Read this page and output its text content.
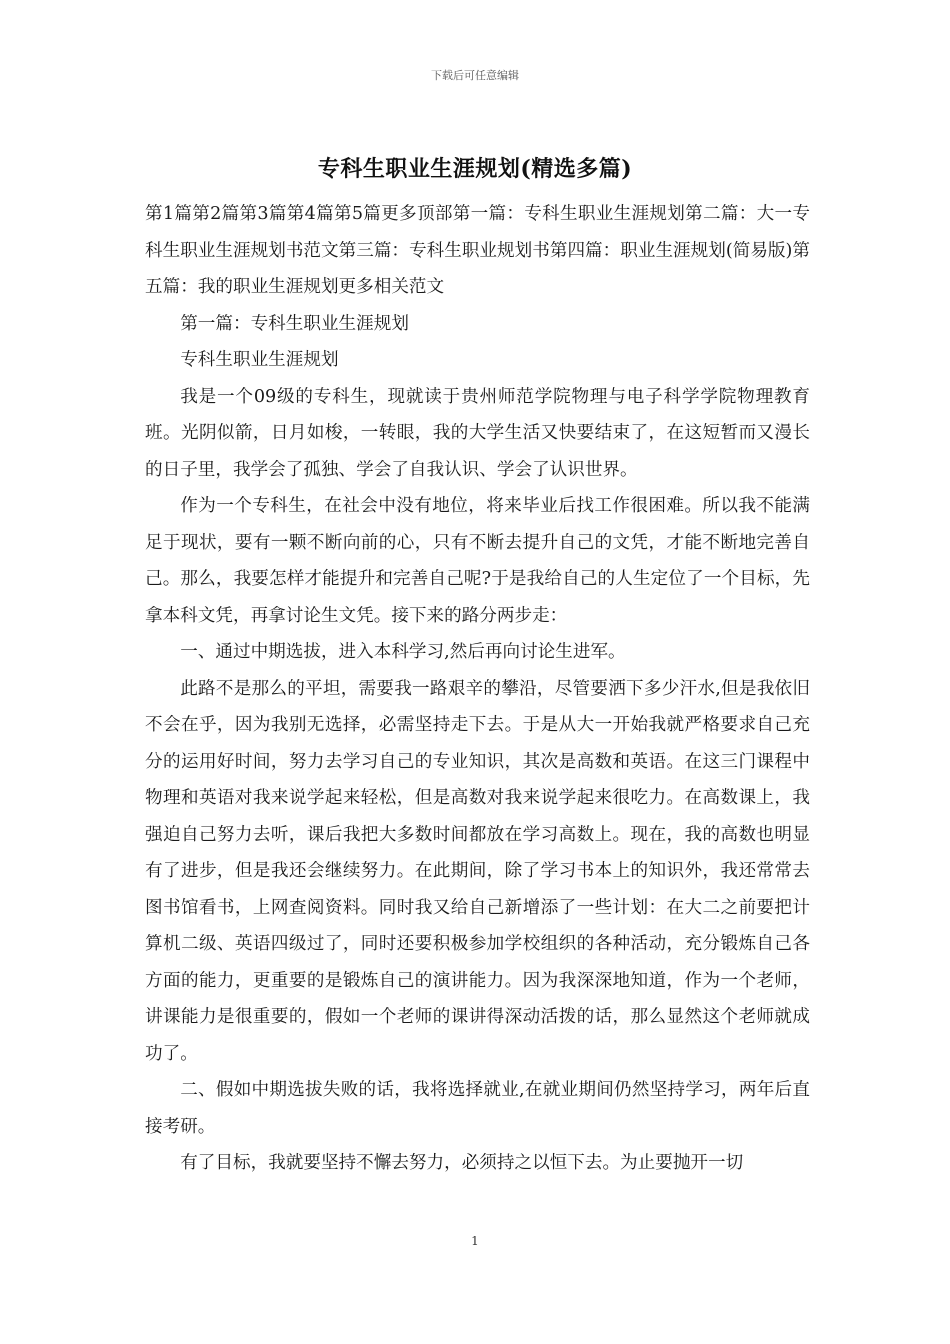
下载后可任意编辑
专科生职业生涯规划(精选多篇)

第1篇第2篇第3篇第4篇第5篇更多顶部第一篇：专科生职业生涯规划第二篇：大一专科生职业生涯规划书范文第三篇：专科生职业规划书第四篇：职业生涯规划(简易版)第五篇：我的职业生涯规划更多相关范文

第一篇：专科生职业生涯规划

专科生职业生涯规划

我是一个09级的专科生，现就读于贵州师范学院物理与电子科学学院物理教育班。光阴似箭，日月如梭，一转眼，我的大学生活又快要结束了，在这短暂而又漫长的日子里，我学会了孤独、学会了自我认识、学会了认识世界。

作为一个专科生，在社会中没有地位，将来毕业后找工作很困难。所以我不能满足于现状，要有一颗不断向前的心，只有不断去提升自己的文凭，才能不断地完善自己。那么，我要怎样才能提升和完善自己呢?于是我给自己的人生定位了一个目标，先拿本科文凭，再拿讨论生文凭。接下来的路分两步走：

一、通过中期选拔，进入本科学习,然后再向讨论生进军。

此路不是那么的平坦，需要我一路艰辛的攀沿，尽管要洒下多少汗水,但是我依旧不会在乎，因为我别无选择，必需坚持走下去。于是从大一开始我就严格要求自己充分的运用好时间，努力去学习自己的专业知识，其次是高数和英语。在这三门课程中物理和英语对我来说学起来轻松，但是高数对我来说学起来很吃力。在高数课上，我强迫自己努力去听，课后我把大多数时间都放在学习高数上。现在，我的高数也明显有了进步，但是我还会继续努力。在此期间，除了学习书本上的知识外，我还常常去图书馆看书，上网查阅资料。同时我又给自己新增添了一些计划：在大二之前要把计算机二级、英语四级过了，同时还要积极参加学校组织的各种活动，充分锻炼自己各方面的能力，更重要的是锻炼自己的演讲能力。因为我深深地知道，作为一个老师，讲课能力是很重要的，假如一个老师的课讲得深动活拨的话，那么显然这个老师就成功了。

二、假如中期选拔失败的话，我将选择就业,在就业期间仍然坚持学习，两年后直接考研。

有了目标，我就要坚持不懈去努力，必须持之以恒下去。为止要抛开一切

1
